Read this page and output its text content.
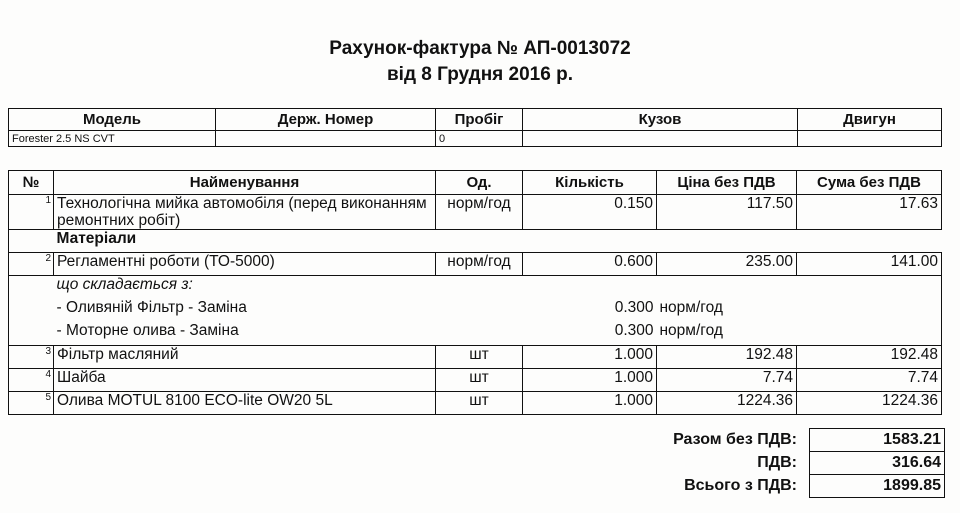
Рахунок-фактура № АП-0013072
від 8 Грудня 2016 р.
Модель	Держ. Номер	Пробіг	Кузов	Двигун
Forester 2.5 NS CVT		0		
№	Найменування	Од.	Кількість	Ціна без ПДВ	Сума без ПДВ
1	Технологічна мийка автомобіля (перед виконанням ремонтних робіт)	норм/год	0.150	117.50	17.63
	Матеріали				
2	Регламентні роботи (ТО-5000)	норм/год	0.600	235.00	141.00
	що складається з:				
	- Оливяній Фільтр - Заміна		0.300	норм/год	
	- Моторне олива - Заміна		0.300	норм/год	
3	Фільтр масляний	шт	1.000	192.48	192.48
4	Шайба	шт	1.000	7.74	7.74
5	Олива MOTUL 8100 ECO-lite OW20 5L	шт	1.000	1224.36	1224.36
Разом без ПДВ:	1583.21
ПДВ:	316.64
Всього з ПДВ:	1899.85
